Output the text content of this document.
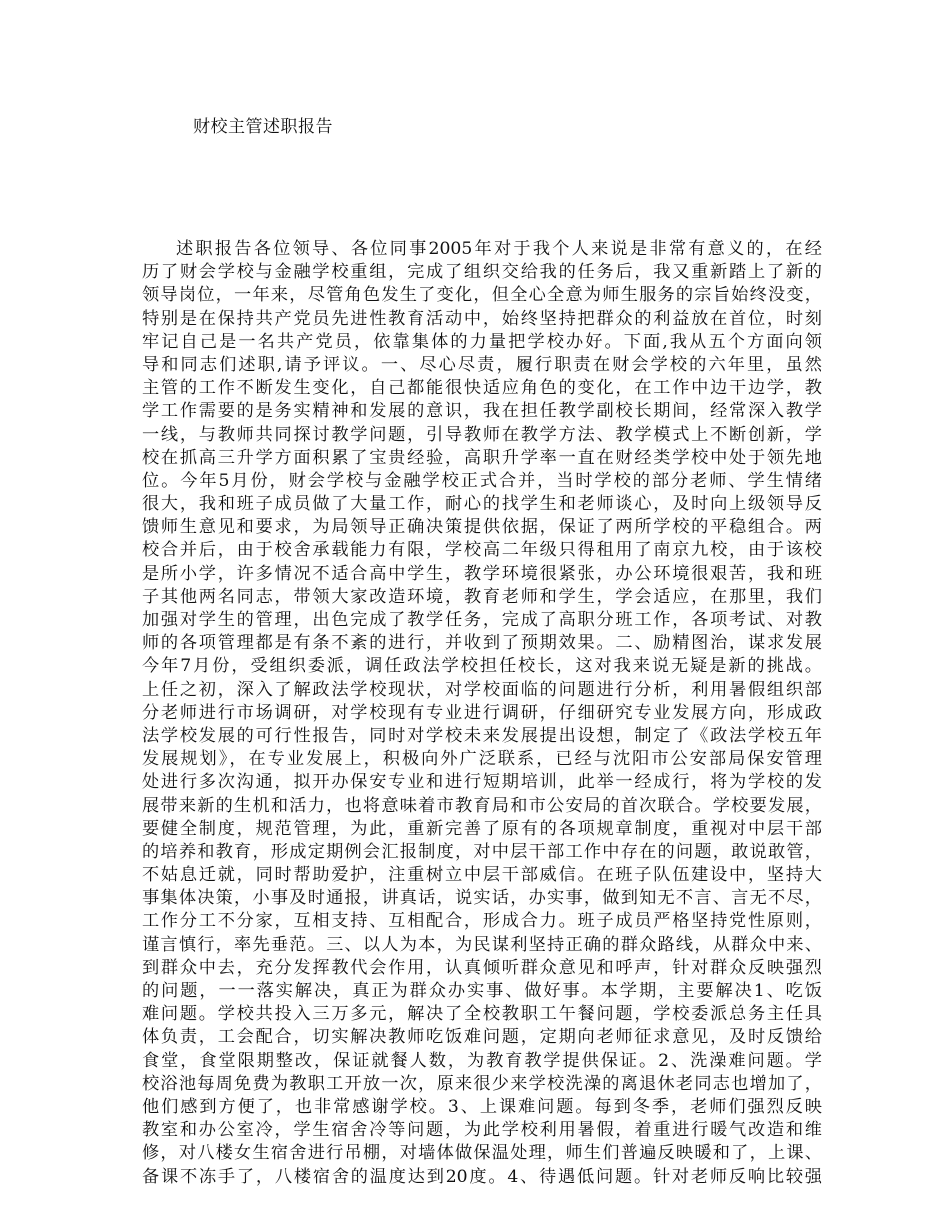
财校主管述职报告
述职报告各位领导、各位同事2005年对于我个人来说是非常有意义的，在经
历了财会学校与金融学校重组，完成了组织交给我的任务后，我又重新踏上了新的
领导岗位，一年来，尽管角色发生了变化，但全心全意为师生服务的宗旨始终没变，
特别是在保持共产党员先进性教育活动中，始终坚持把群众的利益放在首位，时刻
牢记自己是一名共产党员，依靠集体的力量把学校办好。下面,我从五个方面向领
导和同志们述职,请予评议。一、尽心尽责，履行职责在财会学校的六年里，虽然
主管的工作不断发生变化，自己都能很快适应角色的变化，在工作中边干边学，教
学工作需要的是务实精神和发展的意识，我在担任教学副校长期间，经常深入教学
一线，与教师共同探讨教学问题，引导教师在教学方法、教学模式上不断创新，学
校在抓高三升学方面积累了宝贵经验，高职升学率一直在财经类学校中处于领先地
位。今年5月份，财会学校与金融学校正式合并，当时学校的部分老师、学生情绪
很大，我和班子成员做了大量工作，耐心的找学生和老师谈心，及时向上级领导反
馈师生意见和要求，为局领导正确决策提供依据，保证了两所学校的平稳组合。两
校合并后，由于校舍承载能力有限，学校高二年级只得租用了南京九校，由于该校
是所小学，许多情况不适合高中学生，教学环境很紧张，办公环境很艰苦，我和班
子其他两名同志，带领大家改造环境，教育老师和学生，学会适应，在那里，我们
加强对学生的管理，出色完成了教学任务，完成了高职分班工作，各项考试、对教
师的各项管理都是有条不紊的进行，并收到了预期效果。二、励精图治，谋求发展
今年7月份，受组织委派，调任政法学校担任校长，这对我来说无疑是新的挑战。
上任之初，深入了解政法学校现状，对学校面临的问题进行分析，利用暑假组织部
分老师进行市场调研，对学校现有专业进行调研，仔细研究专业发展方向，形成政
法学校发展的可行性报告，同时对学校未来发展提出设想，制定了《政法学校五年
发展规划》，在专业发展上，积极向外广泛联系，已经与沈阳市公安部局保安管理
处进行多次沟通，拟开办保安专业和进行短期培训，此举一经成行，将为学校的发
展带来新的生机和活力，也将意味着市教育局和市公安局的首次联合。学校要发展，
要健全制度，规范管理，为此，重新完善了原有的各项规章制度，重视对中层干部
的培养和教育，形成定期例会汇报制度，对中层干部工作中存在的问题，敢说敢管，
不姑息迁就，同时帮助爱护，注重树立中层干部威信。在班子队伍建设中，坚持大
事集体决策，小事及时通报，讲真话，说实话，办实事，做到知无不言、言无不尽，
工作分工不分家，互相支持、互相配合，形成合力。班子成员严格坚持党性原则，
谨言慎行，率先垂范。三、以人为本，为民谋利坚持正确的群众路线，从群众中来、
到群众中去，充分发挥教代会作用，认真倾听群众意见和呼声，针对群众反映强烈
的问题，一一落实解决，真正为群众办实事、做好事。本学期，主要解决1、吃饭
难问题。学校共投入三万多元，解决了全校教职工午餐问题，学校委派总务主任具
体负责，工会配合，切实解决教师吃饭难问题，定期向老师征求意见，及时反馈给
食堂，食堂限期整改，保证就餐人数，为教育教学提供保证。2、洗澡难问题。学
校浴池每周免费为教职工开放一次，原来很少来学校洗澡的离退休老同志也增加了，
他们感到方便了，也非常感谢学校。3、上课难问题。每到冬季，老师们强烈反映
教室和办公室冷，学生宿舍冷等问题，为此学校利用暑假，着重进行暖气改造和维
修，对八楼女生宿舍进行吊棚，对墙体做保温处理，师生们普遍反映暖和了，上课、
备课不冻手了，八楼宿舍的温度达到20度。4、待遇低问题。针对老师反响比较强
